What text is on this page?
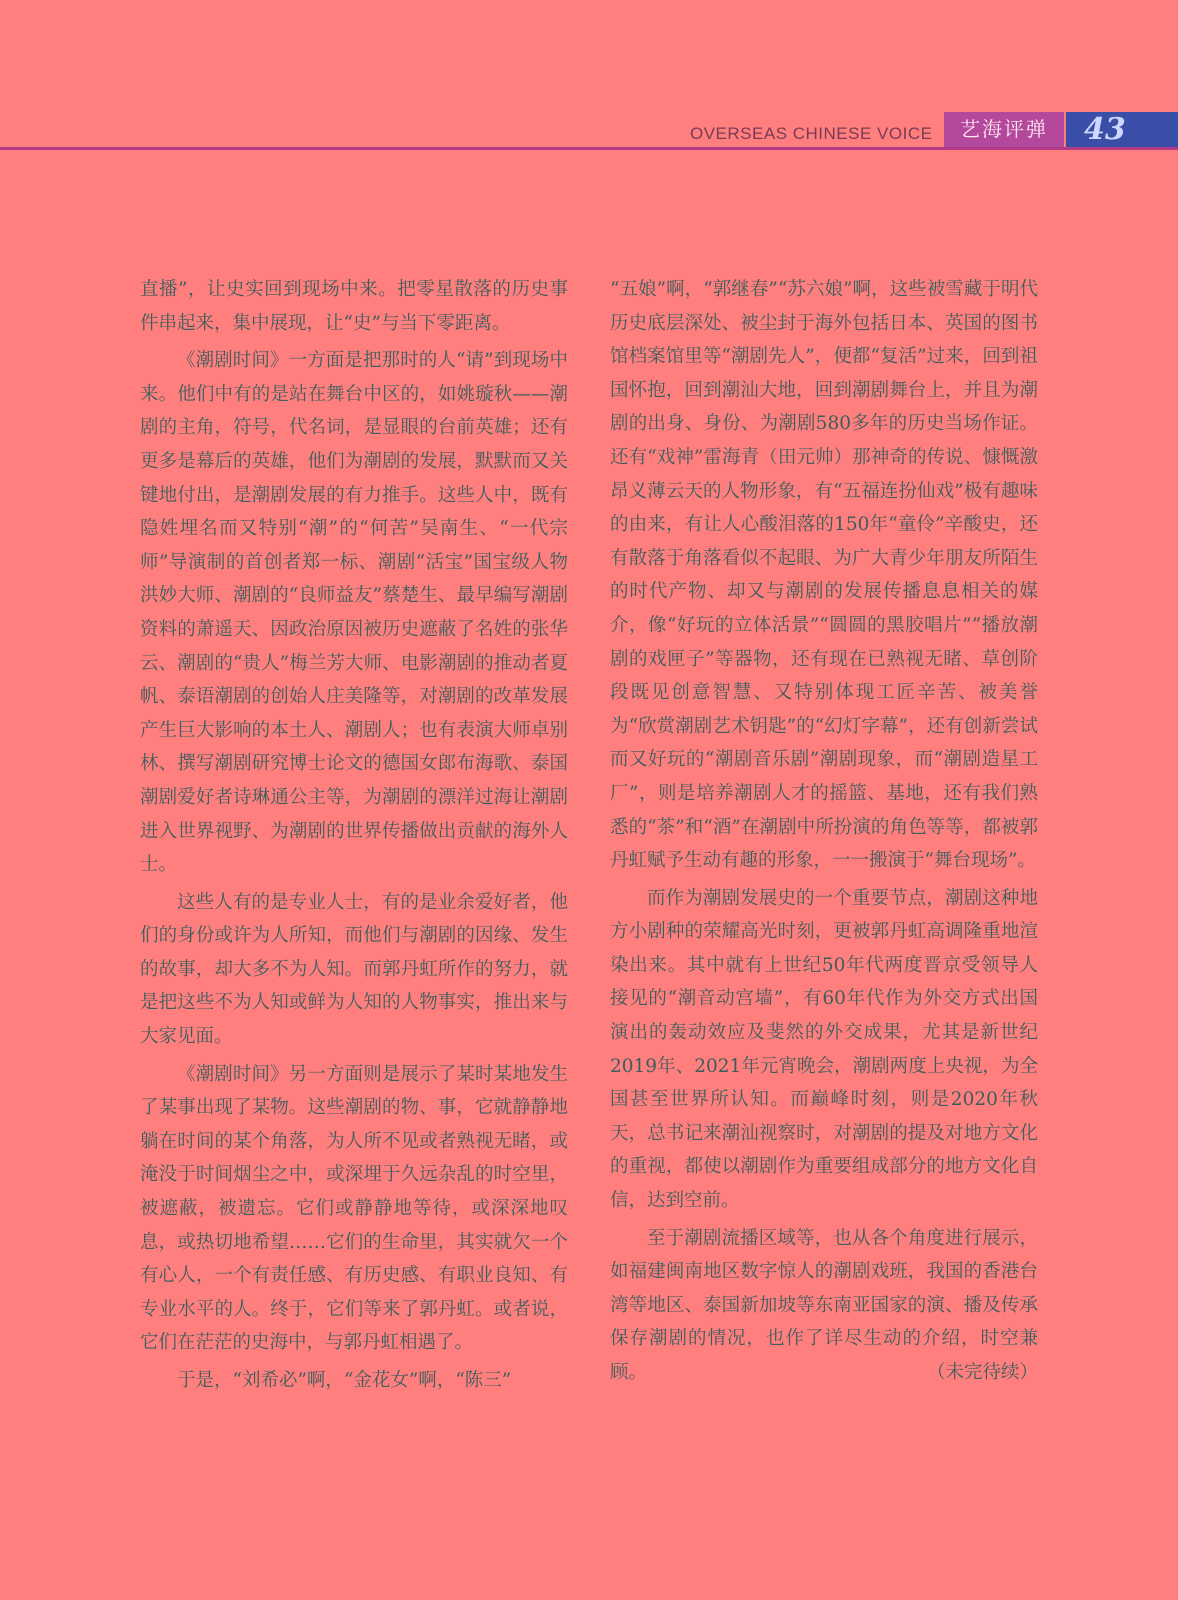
OVERSEAS CHINESE VOICE	艺海评弹	43

直播”，让史实回到现场中来。把零星散落的历史事件串起来，集中展现，让“史”与当下零距离。

《潮剧时间》一方面是把那时的人“请”到现场中来。他们中有的是站在舞台中区的，如姚璇秋——潮剧的主角，符号，代名词，是显眼的台前英雄；还有更多是幕后的英雄，他们为潮剧的发展，默默而又关键地付出，是潮剧发展的有力推手。这些人中，既有隐姓埋名而又特别“潮”的“何苦”吴南生、“一代宗师”导演制的首创者郑一标、潮剧“活宝”国宝级人物洪妙大师、潮剧的“良师益友”蔡楚生、最早编写潮剧资料的萧遥天、因政治原因被历史遮蔽了名姓的张华云、潮剧的“贵人”梅兰芳大师、电影潮剧的推动者夏帆、泰语潮剧的创始人庄美隆等，对潮剧的改革发展产生巨大影响的本土人、潮剧人；也有表演大师卓别林、撰写潮剧研究博士论文的德国女郎布海歌、泰国潮剧爱好者诗琳通公主等，为潮剧的漂洋过海让潮剧进入世界视野、为潮剧的世界传播做出贡献的海外人士。

这些人有的是专业人士，有的是业余爱好者，他们的身份或许为人所知，而他们与潮剧的因缘、发生的故事，却大多不为人知。而郭丹虹所作的努力，就是把这些不为人知或鲜为人知的人物事实，推出来与大家见面。

《潮剧时间》另一方面则是展示了某时某地发生了某事出现了某物。这些潮剧的物、事，它就静静地躺在时间的某个角落，为人所不见或者熟视无睹，或淹没于时间烟尘之中，或深埋于久远杂乱的时空里，被遮蔽，被遗忘。它们或静静地等待，或深深地叹息，或热切地希望……它们的生命里，其实就欠一个有心人，一个有责任感、有历史感、有职业良知、有专业水平的人。终于，它们等来了郭丹虹。或者说，它们在茫茫的史海中，与郭丹虹相遇了。

于是，“刘希必”啊，“金花女”啊，“陈三”

“五娘”啊，“郭继春”“苏六娘”啊，这些被雪藏于明代历史底层深处、被尘封于海外包括日本、英国的图书馆档案馆里等“潮剧先人”，便都“复活”过来，回到祖国怀抱，回到潮汕大地，回到潮剧舞台上，并且为潮剧的出身、身份、为潮剧580多年的历史当场作证。还有“戏神”雷海青（田元帅）那神奇的传说、慷慨激昂义薄云天的人物形象，有“五福连扮仙戏”极有趣味的由来，有让人心酸泪落的150年“童伶”辛酸史，还有散落于角落看似不起眼、为广大青少年朋友所陌生的时代产物、却又与潮剧的发展传播息息相关的媒介，像“好玩的立体活景”“圆圆的黑胶唱片”“播放潮剧的戏匣子”等器物，还有现在已熟视无睹、草创阶段既见创意智慧、又特别体现工匠辛苦、被美誉为“欣赏潮剧艺术钥匙”的“幻灯字幕”，还有创新尝试而又好玩的“潮剧音乐剧”潮剧现象，而“潮剧造星工厂”，则是培养潮剧人才的摇篮、基地，还有我们熟悉的“茶”和“酒”在潮剧中所扮演的角色等等，都被郭丹虹赋予生动有趣的形象，一一搬演于“舞台现场”。

而作为潮剧发展史的一个重要节点，潮剧这种地方小剧种的荣耀高光时刻，更被郭丹虹高调隆重地渲染出来。其中就有上世纪50年代两度晋京受领导人接见的“潮音动宫墙”，有60年代作为外交方式出国演出的轰动效应及斐然的外交成果，尤其是新世纪2019年、2021年元宵晚会，潮剧两度上央视，为全国甚至世界所认知。而巅峰时刻，则是2020年秋天，总书记来潮汕视察时，对潮剧的提及对地方文化的重视，都使以潮剧作为重要组成部分的地方文化自信，达到空前。

至于潮剧流播区域等，也从各个角度进行展示，如福建闽南地区数字惊人的潮剧戏班，我国的香港台湾等地区、泰国新加坡等东南亚国家的演、播及传承保存潮剧的情况，也作了详尽生动的介绍，时空兼顾。	（未完待续）
